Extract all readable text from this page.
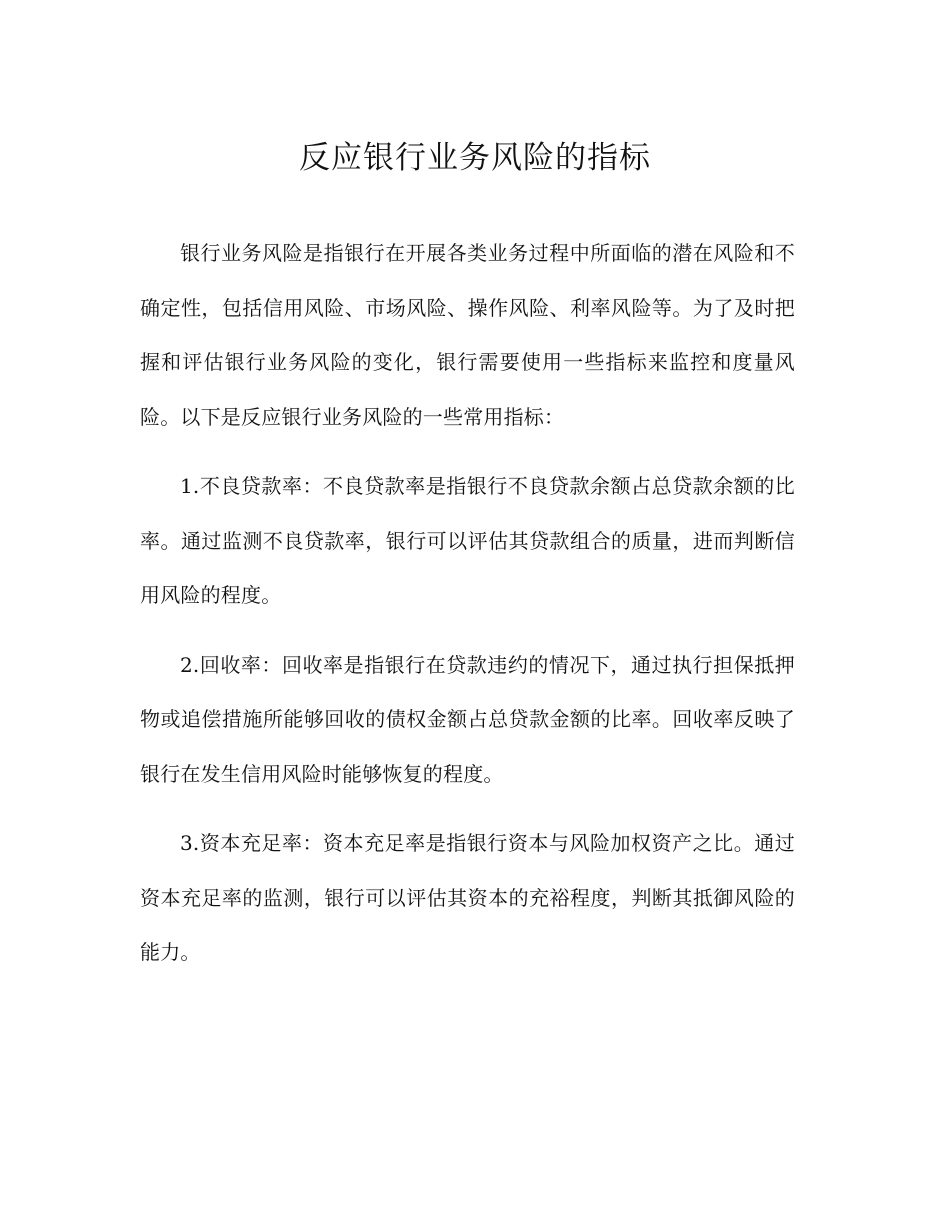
反应银行业务风险的指标

银行业务风险是指银行在开展各类业务过程中所面临的潜在风险和不确定性，包括信用风险、市场风险、操作风险、利率风险等。为了及时把握和评估银行业务风险的变化，银行需要使用一些指标来监控和度量风险。以下是反应银行业务风险的一些常用指标：

1.不良贷款率：不良贷款率是指银行不良贷款余额占总贷款余额的比率。通过监测不良贷款率，银行可以评估其贷款组合的质量，进而判断信用风险的程度。

2.回收率：回收率是指银行在贷款违约的情况下，通过执行担保抵押物或追偿措施所能够回收的债权金额占总贷款金额的比率。回收率反映了银行在发生信用风险时能够恢复的程度。

3.资本充足率：资本充足率是指银行资本与风险加权资产之比。通过资本充足率的监测，银行可以评估其资本的充裕程度，判断其抵御风险的能力。
